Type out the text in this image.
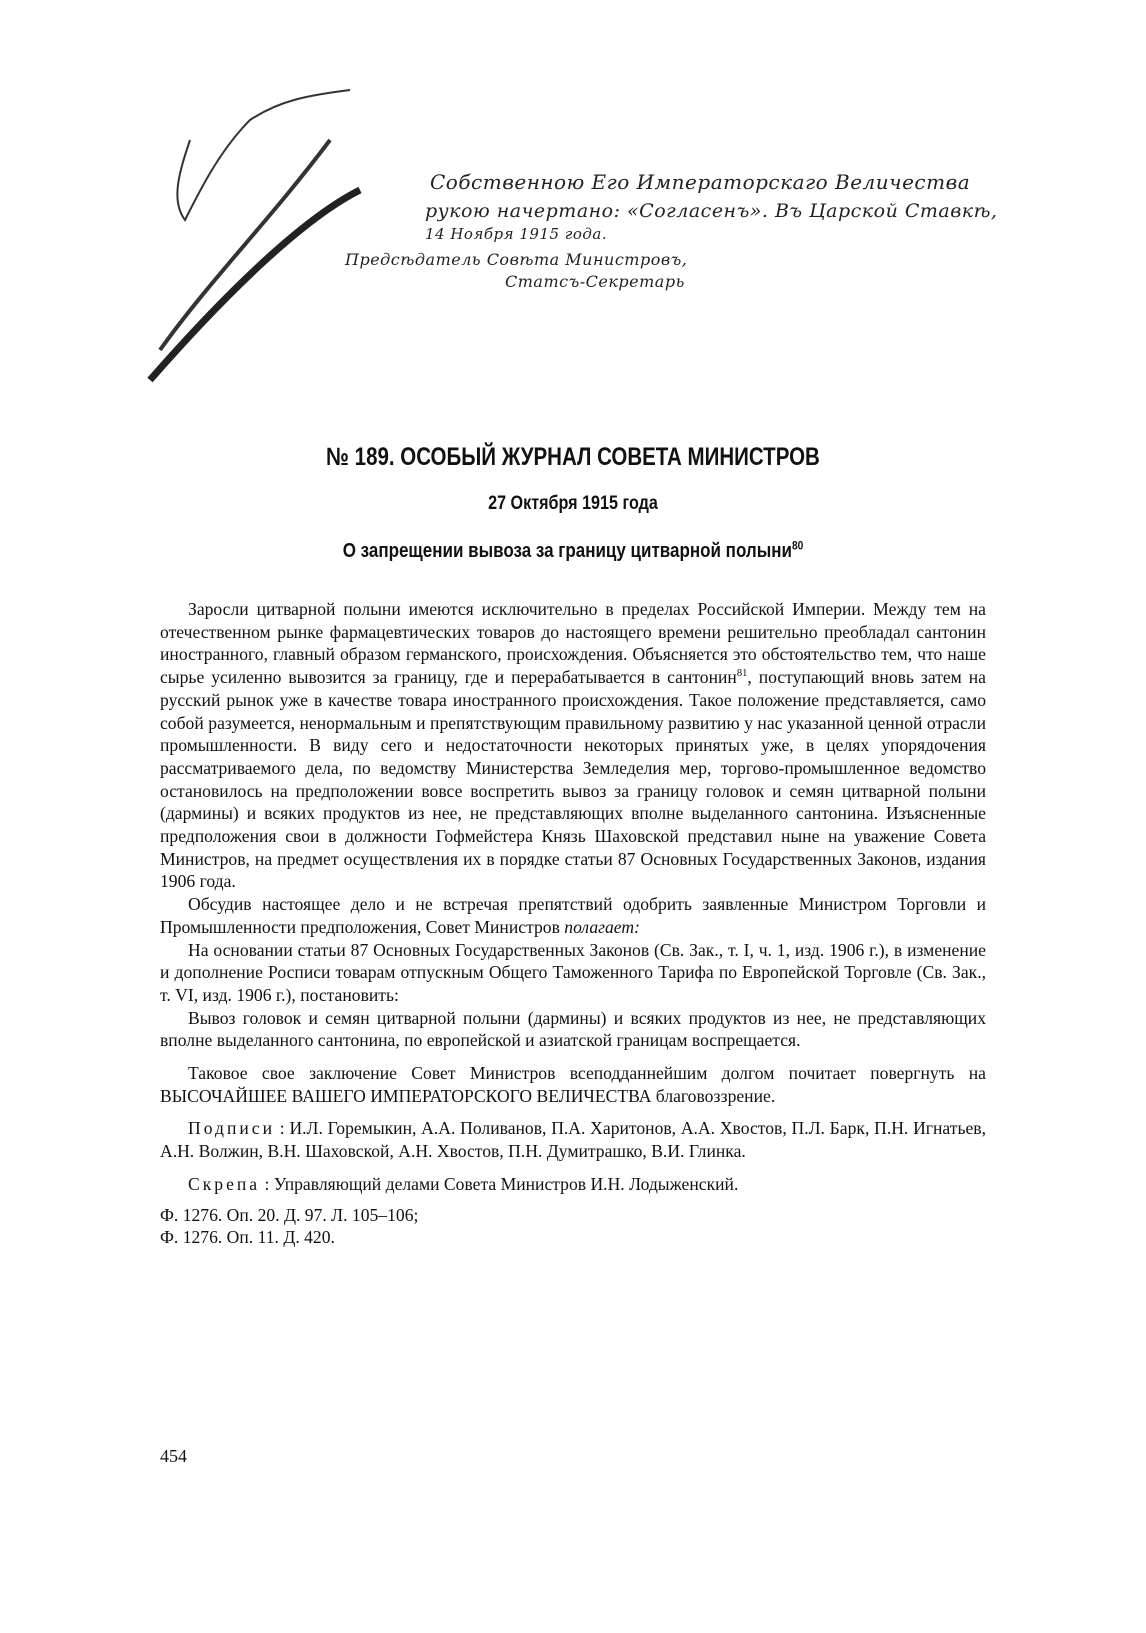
Собственною Его Императорскаго Величества
рукою начертано: «Согласенъ». Въ Царской Ставкѣ,
14 Ноября 1915 года.
Предсѣдатель Совѣта Министровъ,
Статсъ-Секретарь
№ 189. ОСОБЫЙ ЖУРНАЛ СОВЕТА МИНИСТРОВ
27 Октября 1915 года
О запрещении вывоза за границу цитварной полыни$^{80}$

Заросли цитварной полыни имеются исключительно в пределах Российской Империи. Между тем на отечественном рынке фармацевтических товаров до настоящего времени решительно преобладал сантонин иностранного, главный образом германского, происхождения. Объясняется это обстоятельство тем, что наше сырье усиленно вывозится за границу, где и перерабатывается в сантонин$^{81}$, поступающий вновь затем на русский рынок уже в качестве товара иностранного происхождения. Такое положение представляется, само собой разумеется, ненормальным и препятствующим правильному развитию у нас указанной ценной отрасли промышленности. В виду сего и недостаточности некоторых принятых уже, в целях упорядочения рассматриваемого дела, по ведомству Министерства Земледелия мер, торгово-промышленное ведомство остановилось на предположении вовсе воспретить вывоз за границу головок и семян цитварной полыни (дармины) и всяких продуктов из нее, не представляющих вполне выделанного сантонина. Изъясненные предположения свои в должности Гофмейстера Князь Шаховской представил ныне на уважение Совета Министров, на предмет осуществления их в порядке статьи 87 Основных Государственных Законов, издания 1906 года.

Обсудив настоящее дело и не встречая препятствий одобрить заявленные Министром Торговли и Промышленности предположения, Совет Министров полагает:

На основании статьи 87 Основных Государственных Законов (Св. Зак., т. I, ч. 1, изд. 1906 г.), в изменение и дополнение Росписи товарам отпускным Общего Таможенного Тарифа по Европейской Торговле (Св. Зак., т. VI, изд. 1906 г.), постановить:

Вывоз головок и семян цитварной полыни (дармины) и всяких продуктов из нее, не представляющих вполне выделанного сантонина, по европейской и азиатской границам воспрещается.

Таковое свое заключение Совет Министров всеподданнейшим долгом почитает повергнуть на ВЫСОЧАЙШЕЕ ВАШЕГО ИМПЕРАТОРСКОГО ВЕЛИЧЕСТВА благовоззрение.

Подписи : И.Л. Горемыкин, А.А. Поливанов, П.А. Харитонов, А.А. Хвостов, П.Л. Барк, П.Н. Игнатьев, А.Н. Волжин, В.Н. Шаховской, А.Н. Хвостов, П.Н. Думитрашко, В.И. Глинка.

Скрепа : Управляющий делами Совета Министров И.Н. Лодыженский.

Ф. 1276. Оп. 20. Д. 97. Л. 105–106;

Ф. 1276. Оп. 11. Д. 420.

454
